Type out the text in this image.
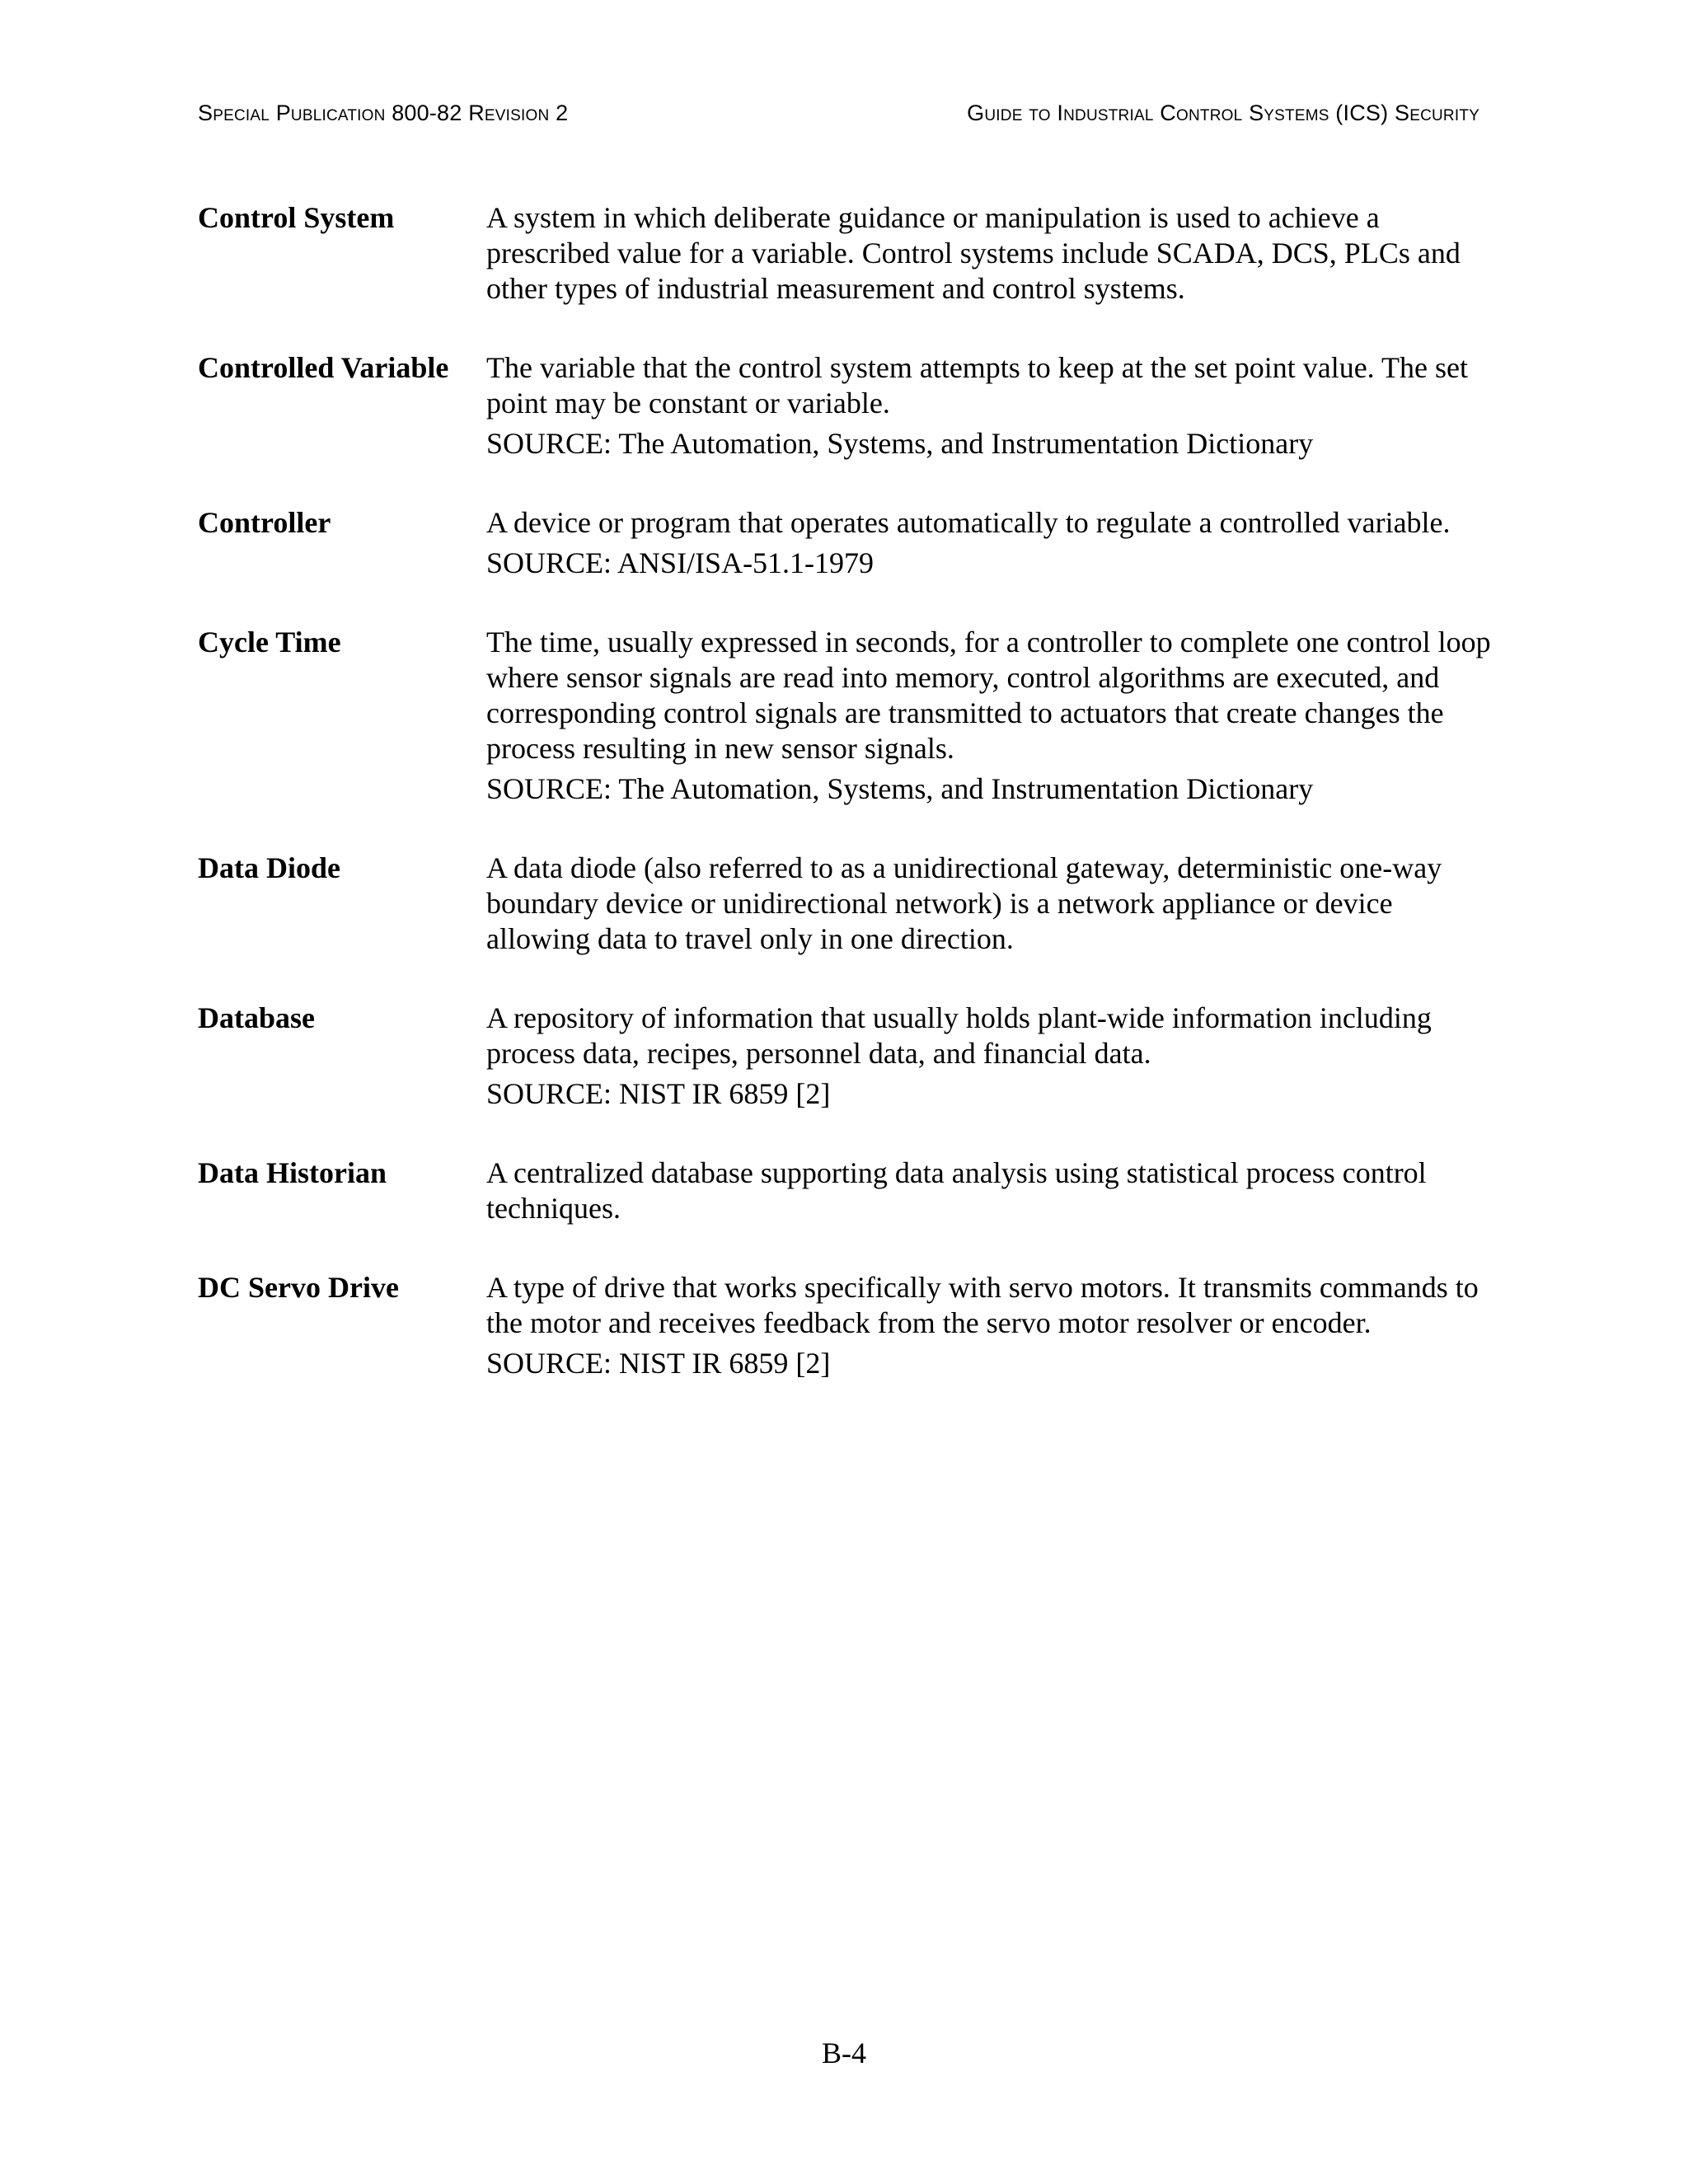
Special Publication 800-82 Revision 2	Guide to Industrial Control Systems (ICS) Security
Control System	A system in which deliberate guidance or manipulation is used to achieve a prescribed value for a variable. Control systems include SCADA, DCS, PLCs and other types of industrial measurement and control systems.

Controlled Variable	The variable that the control system attempts to keep at the set point value. The set point may be constant or variable.

SOURCE: The Automation, Systems, and Instrumentation Dictionary

Controller	A device or program that operates automatically to regulate a controlled variable.

SOURCE: ANSI/ISA-51.1-1979

Cycle Time	The time, usually expressed in seconds, for a controller to complete one control loop where sensor signals are read into memory, control algorithms are executed, and corresponding control signals are transmitted to actuators that create changes the process resulting in new sensor signals.

SOURCE: The Automation, Systems, and Instrumentation Dictionary

Data Diode	A data diode (also referred to as a unidirectional gateway, deterministic one-way boundary device or unidirectional network) is a network appliance or device allowing data to travel only in one direction.

Database	A repository of information that usually holds plant-wide information including process data, recipes, personnel data, and financial data.

SOURCE: NIST IR 6859 [2]

Data Historian	A centralized database supporting data analysis using statistical process control techniques.

DC Servo Drive	A type of drive that works specifically with servo motors. It transmits commands to the motor and receives feedback from the servo motor resolver or encoder.

SOURCE: NIST IR 6859 [2]

B-4
